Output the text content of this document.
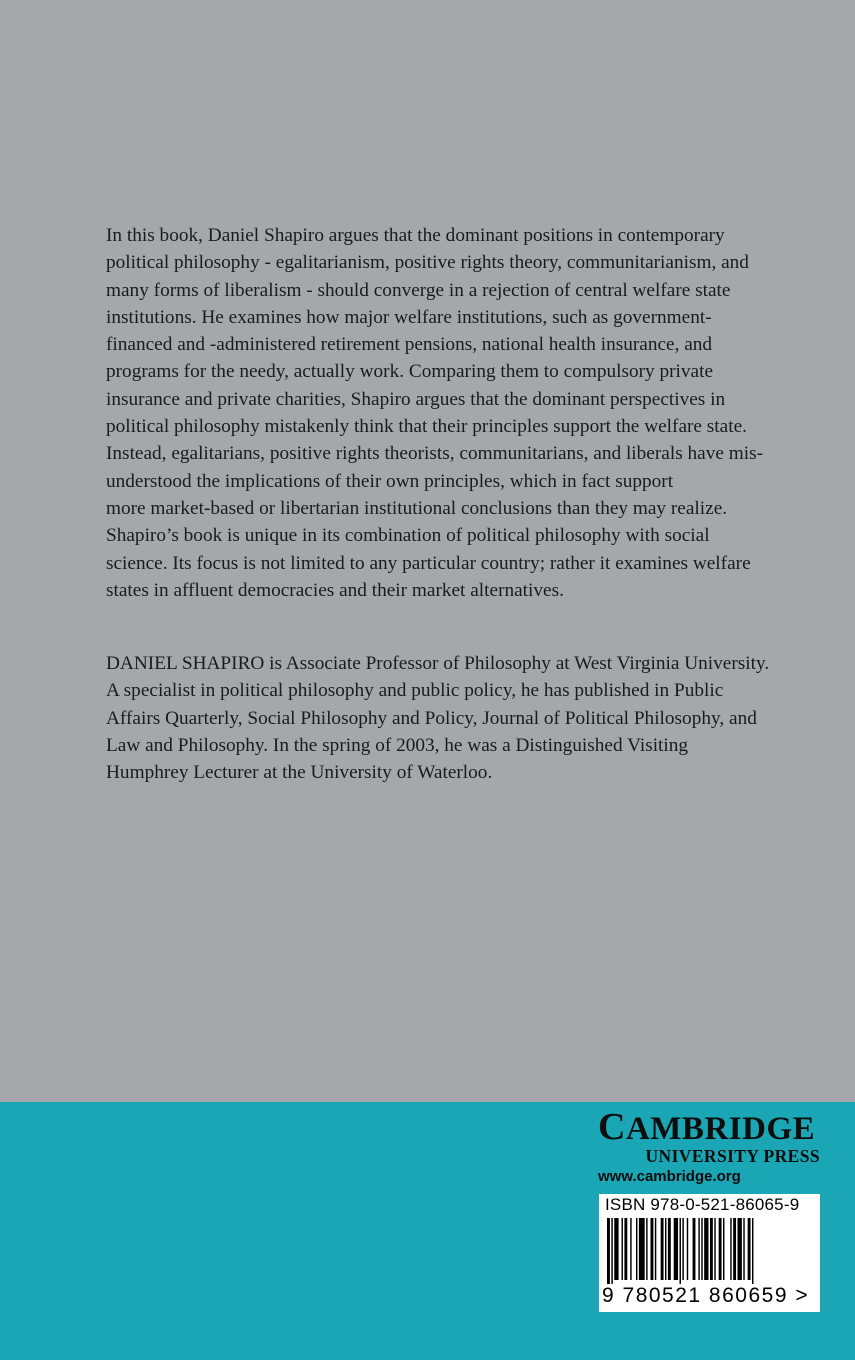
In this book, Daniel Shapiro argues that the dominant positions in contemporary
political philosophy - egalitarianism, positive rights theory, communitarianism, and
many forms of liberalism - should converge in a rejection of central welfare state
institutions. He examines how major welfare institutions, such as government-
financed and -administered retirement pensions, national health insurance, and
programs for the needy, actually work. Comparing them to compulsory private
insurance and private charities, Shapiro argues that the dominant perspectives in
political philosophy mistakenly think that their principles support the welfare state.
Instead, egalitarians, positive rights theorists, communitarians, and liberals have mis-
understood the implications of their own principles, which in fact support
more market-based or libertarian institutional conclusions than they may realize.
Shapiro’s book is unique in its combination of political philosophy with social
science. Its focus is not limited to any particular country; rather it examines welfare
states in affluent democracies and their market alternatives.
DANIEL SHAPIRO is Associate Professor of Philosophy at West Virginia University.
A specialist in political philosophy and public policy, he has published in Public
Affairs Quarterly, Social Philosophy and Policy, Journal of Political Philosophy, and
Law and Philosophy. In the spring of 2003, he was a Distinguished Visiting
Humphrey Lecturer at the University of Waterloo.
CAMBRIDGE
UNIVERSITY PRESS
www.cambridge.org
ISBN 978-0-521-86065-9
9 780521 860659 >
